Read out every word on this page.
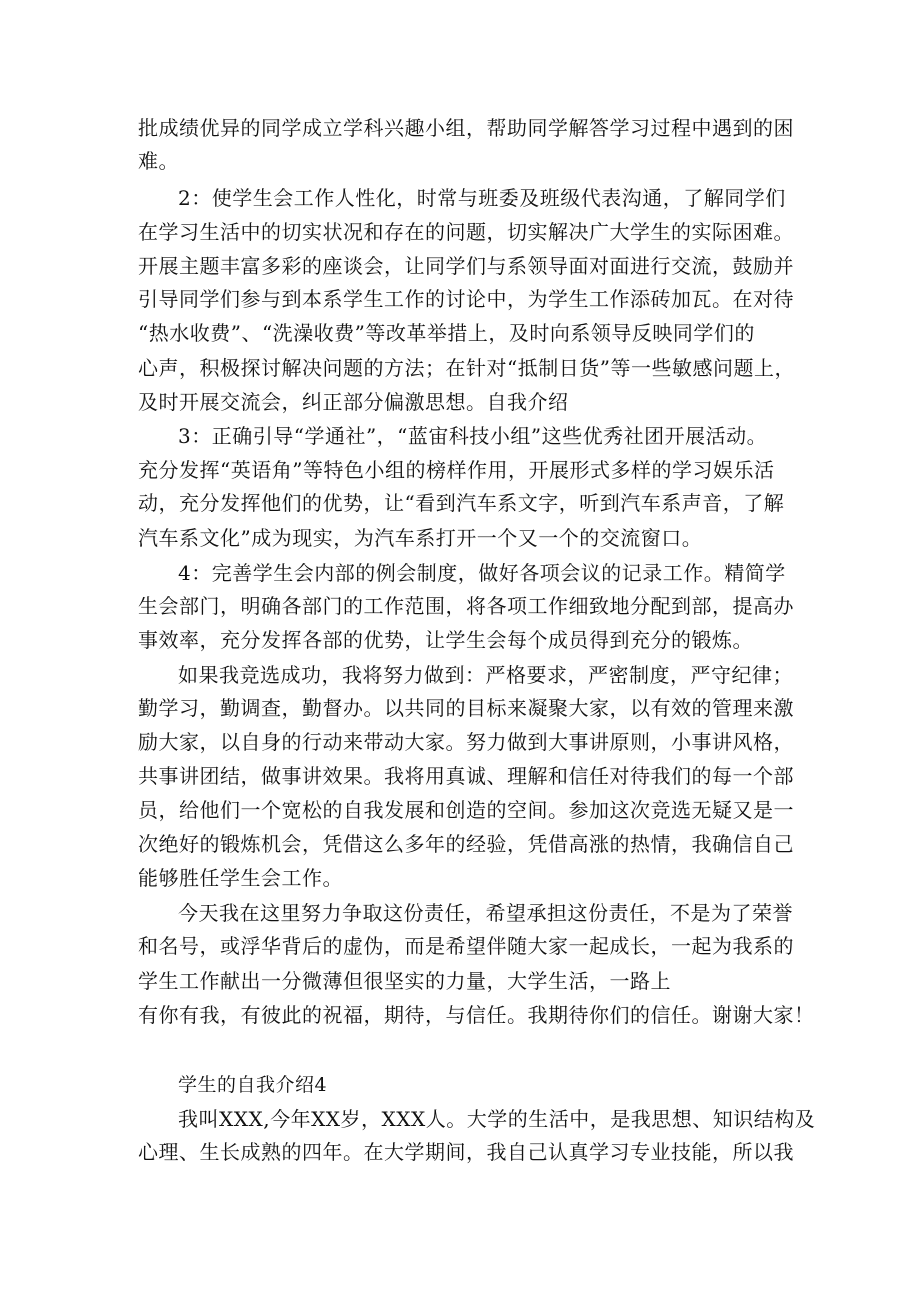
批成绩优异的同学成立学科兴趣小组，帮助同学解答学习过程中遇到的困
难。
2：使学生会工作人性化，时常与班委及班级代表沟通，了解同学们
在学习生活中的切实状况和存在的问题，切实解决广大学生的实际困难。
开展主题丰富多彩的座谈会，让同学们与系领导面对面进行交流，鼓励并
引导同学们参与到本系学生工作的讨论中，为学生工作添砖加瓦。在对待
“热水收费”、“洗澡收费”等改革举措上，及时向系领导反映同学们的
心声，积极探讨解决问题的方法；在针对“抵制日货”等一些敏感问题上，
及时开展交流会，纠正部分偏激思想。自我介绍
3：正确引导“学通社”，“蓝宙科技小组”这些优秀社团开展活动。
充分发挥“英语角”等特色小组的榜样作用，开展形式多样的学习娱乐活
动，充分发挥他们的优势，让“看到汽车系文字，听到汽车系声音，了解
汽车系文化”成为现实，为汽车系打开一个又一个的交流窗口。
4：完善学生会内部的例会制度，做好各项会议的记录工作。精简学
生会部门，明确各部门的工作范围，将各项工作细致地分配到部，提高办
事效率，充分发挥各部的优势，让学生会每个成员得到充分的锻炼。
如果我竞选成功，我将努力做到：严格要求，严密制度，严守纪律；
勤学习，勤调查，勤督办。以共同的目标来凝聚大家，以有效的管理来激
励大家，以自身的行动来带动大家。努力做到大事讲原则，小事讲风格，
共事讲团结，做事讲效果。我将用真诚、理解和信任对待我们的每一个部
员，给他们一个宽松的自我发展和创造的空间。参加这次竞选无疑又是一
次绝好的锻炼机会，凭借这么多年的经验，凭借高涨的热情，我确信自己
能够胜任学生会工作。
今天我在这里努力争取这份责任，希望承担这份责任，不是为了荣誉
和名号，或浮华背后的虚伪，而是希望伴随大家一起成长，一起为我系的
学生工作献出一分微薄但很坚实的力量，大学生活，一路上
有你有我，有彼此的祝福，期待，与信任。我期待你们的信任。谢谢大家！
学生的自我介绍4
我叫XXX,今年XX岁，XXX人。大学的生活中，是我思想、知识结构及
心理、生长成熟的四年。在大学期间，我自己认真学习专业技能，所以我
